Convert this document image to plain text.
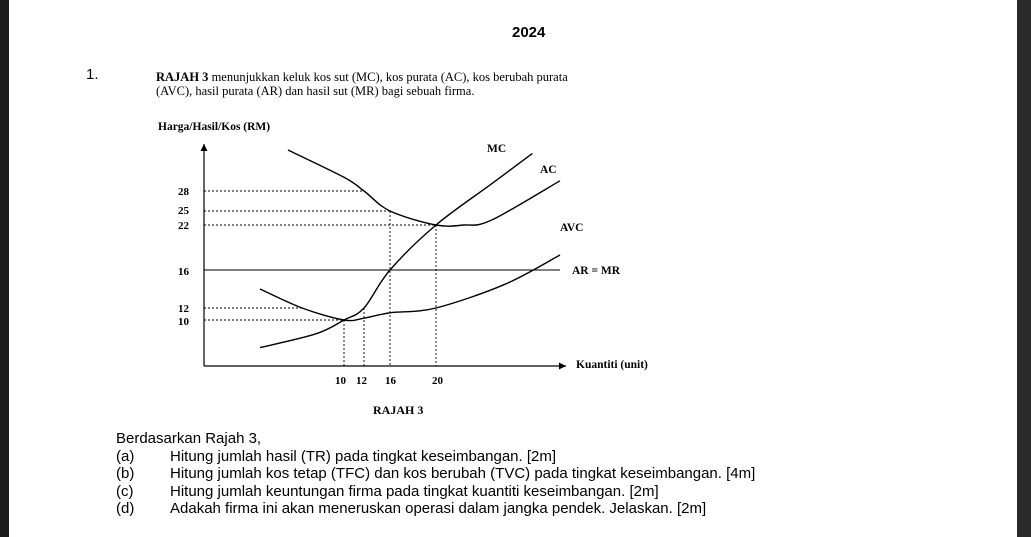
2024
1.	RAJAH 3 menunjukkan keluk kos sut (MC), kos purata (AC), kos berubah purata
(AVC), hasil purata (AR) dan hasil sut (MR) bagi sebuah firma.
Harga/Hasil/Kos (RM)
Kuantiti (unit)
28
25
22
16
12
10
10 12 16	20
MC
AC
AVC
AR = MR
RAJAH 3
Berdasarkan Rajah 3,
(a)	Hitung jumlah hasil (TR) pada tingkat keseimbangan. [2m]
(b)	Hitung jumlah kos tetap (TFC) dan kos berubah (TVC) pada tingkat keseimbangan. [4m]
(c)	Hitung jumlah keuntungan firma pada tingkat kuantiti keseimbangan. [2m]
(d)	Adakah firma ini akan meneruskan operasi dalam jangka pendek. Jelaskan. [2m]
